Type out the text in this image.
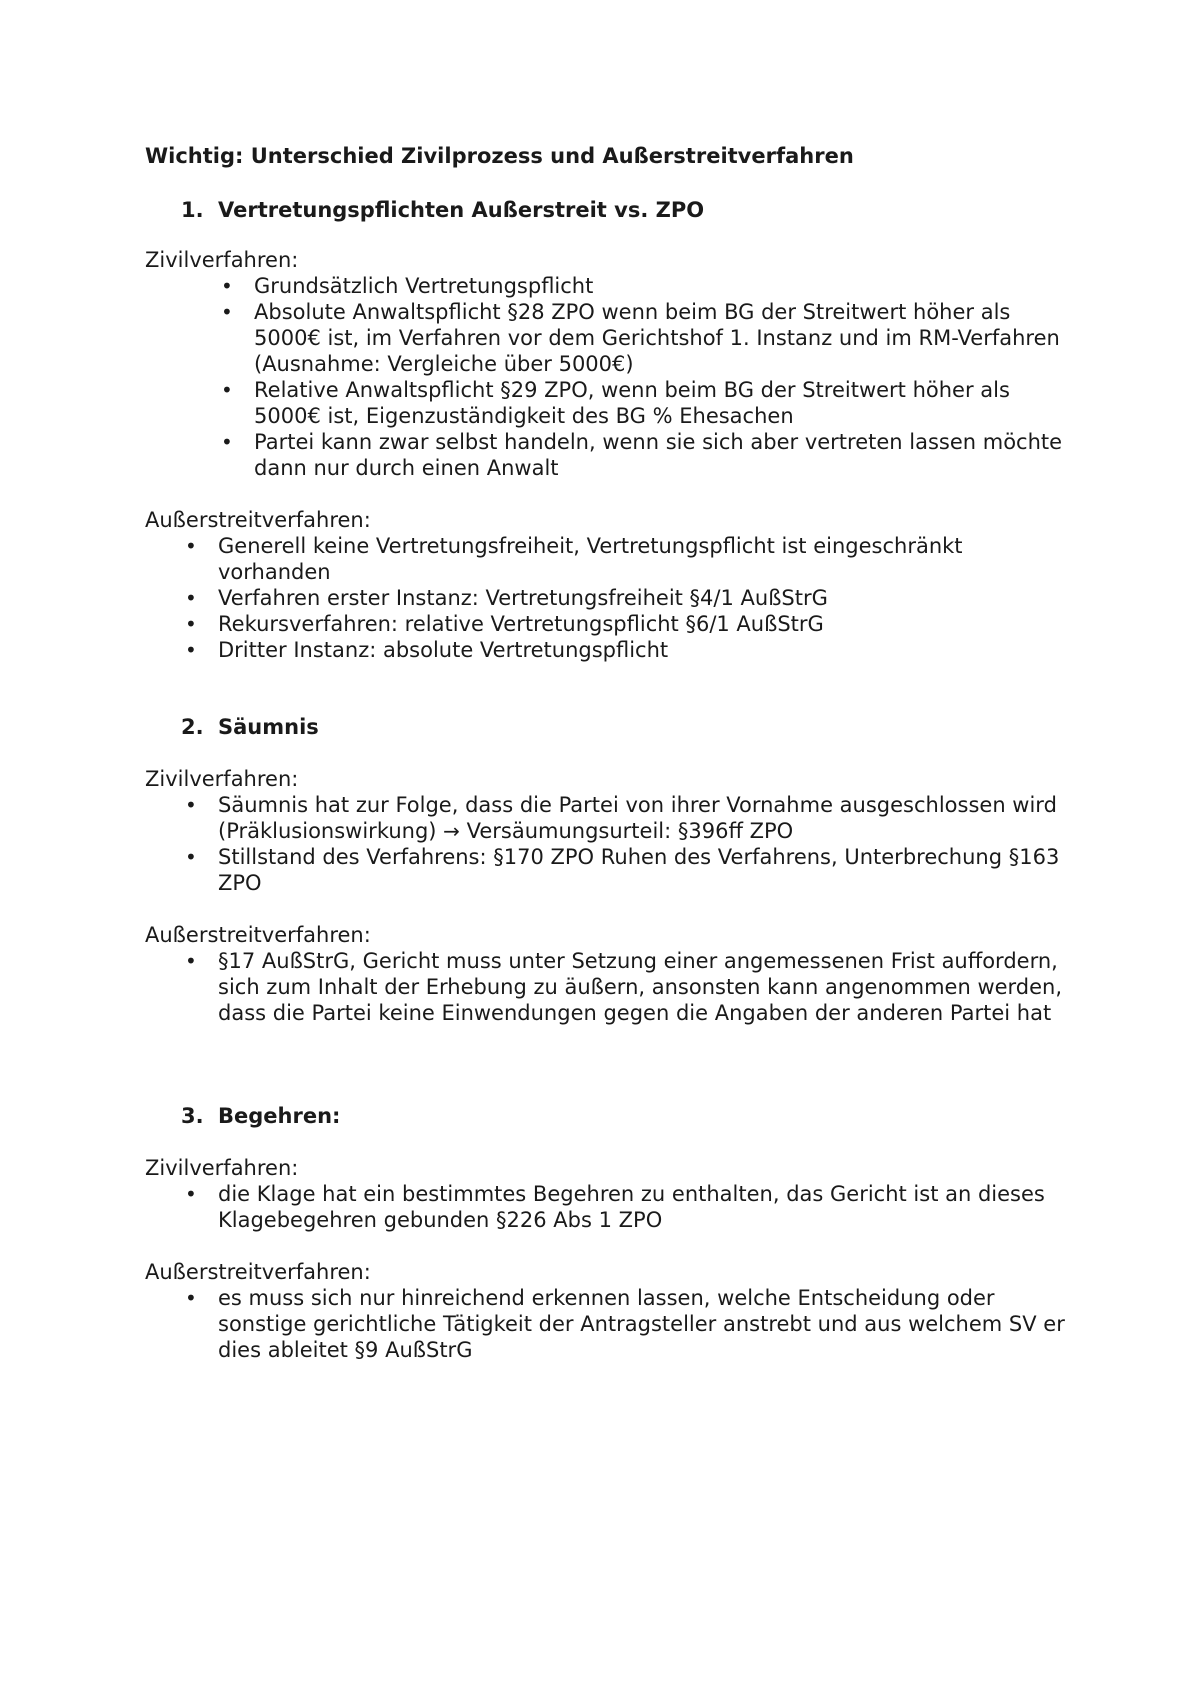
Wichtig: Unterschied Zivilprozess und Außerstreitverfahren
1. Vertretungspflichten Außerstreit vs. ZPO
Zivilverfahren:
• Grundsätzlich Vertretungspflicht
• Absolute Anwaltspflicht §28 ZPO wenn beim BG der Streitwert höher als 5000€ ist, im Verfahren vor dem Gerichtshof 1. Instanz und im RM-Verfahren (Ausnahme: Vergleiche über 5000€)
• Relative Anwaltspflicht §29 ZPO, wenn beim BG der Streitwert höher als 5000€ ist, Eigenzuständigkeit des BG % Ehesachen
• Partei kann zwar selbst handeln, wenn sie sich aber vertreten lassen möchte dann nur durch einen Anwalt
Außerstreitverfahren:
• Generell keine Vertretungsfreiheit, Vertretungspflicht ist eingeschränkt vorhanden
• Verfahren erster Instanz: Vertretungsfreiheit §4/1 AußStrG
• Rekursverfahren: relative Vertretungspflicht §6/1 AußStrG
• Dritter Instanz: absolute Vertretungspflicht
2. Säumnis
Zivilverfahren:
• Säumnis hat zur Folge, dass die Partei von ihrer Vornahme ausgeschlossen wird (Präklusionswirkung) → Versäumungsurteil: §396ff ZPO
• Stillstand des Verfahrens: §170 ZPO Ruhen des Verfahrens, Unterbrechung §163 ZPO
Außerstreitverfahren:
• §17 AußStrG, Gericht muss unter Setzung einer angemessenen Frist auffordern, sich zum Inhalt der Erhebung zu äußern, ansonsten kann angenommen werden, dass die Partei keine Einwendungen gegen die Angaben der anderen Partei hat
3. Begehren:
Zivilverfahren:
• die Klage hat ein bestimmtes Begehren zu enthalten, das Gericht ist an dieses Klagebegehren gebunden §226 Abs 1 ZPO
Außerstreitverfahren:
• es muss sich nur hinreichend erkennen lassen, welche Entscheidung oder sonstige gerichtliche Tätigkeit der Antragsteller anstrebt und aus welchem SV er dies ableitet §9 AußStrG
